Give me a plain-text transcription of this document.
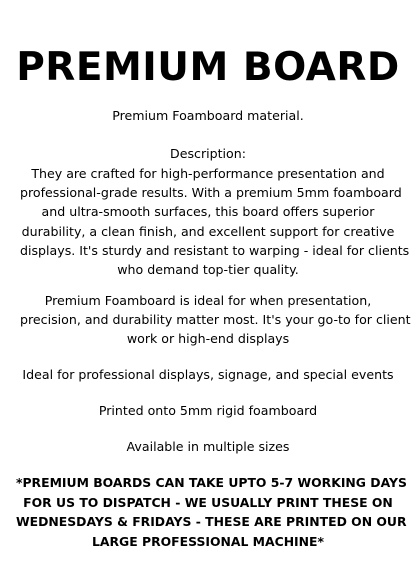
PREMIUM BOARD

Premium Foamboard material.

Description:

They are crafted for high-performance presentation and
professional-grade results. With a premium 5mm foamboard
and ultra-smooth surfaces, this board offers superior
durability, a clean finish, and excellent support for creative
displays. It's sturdy and resistant to warping - ideal for clients
who demand top-tier quality.

Premium Foamboard is ideal for when presentation,
precision, and durability matter most. It's your go-to for client
work or high-end displays

Ideal for professional displays, signage, and special events

Printed onto 5mm rigid foamboard

Available in multiple sizes

*PREMIUM BOARDS CAN TAKE UPTO 5-7 WORKING DAYS
FOR US TO DISPATCH - WE USUALLY PRINT THESE ON
WEDNESDAYS & FRIDAYS - THESE ARE PRINTED ON OUR
LARGE PROFESSIONAL MACHINE*
